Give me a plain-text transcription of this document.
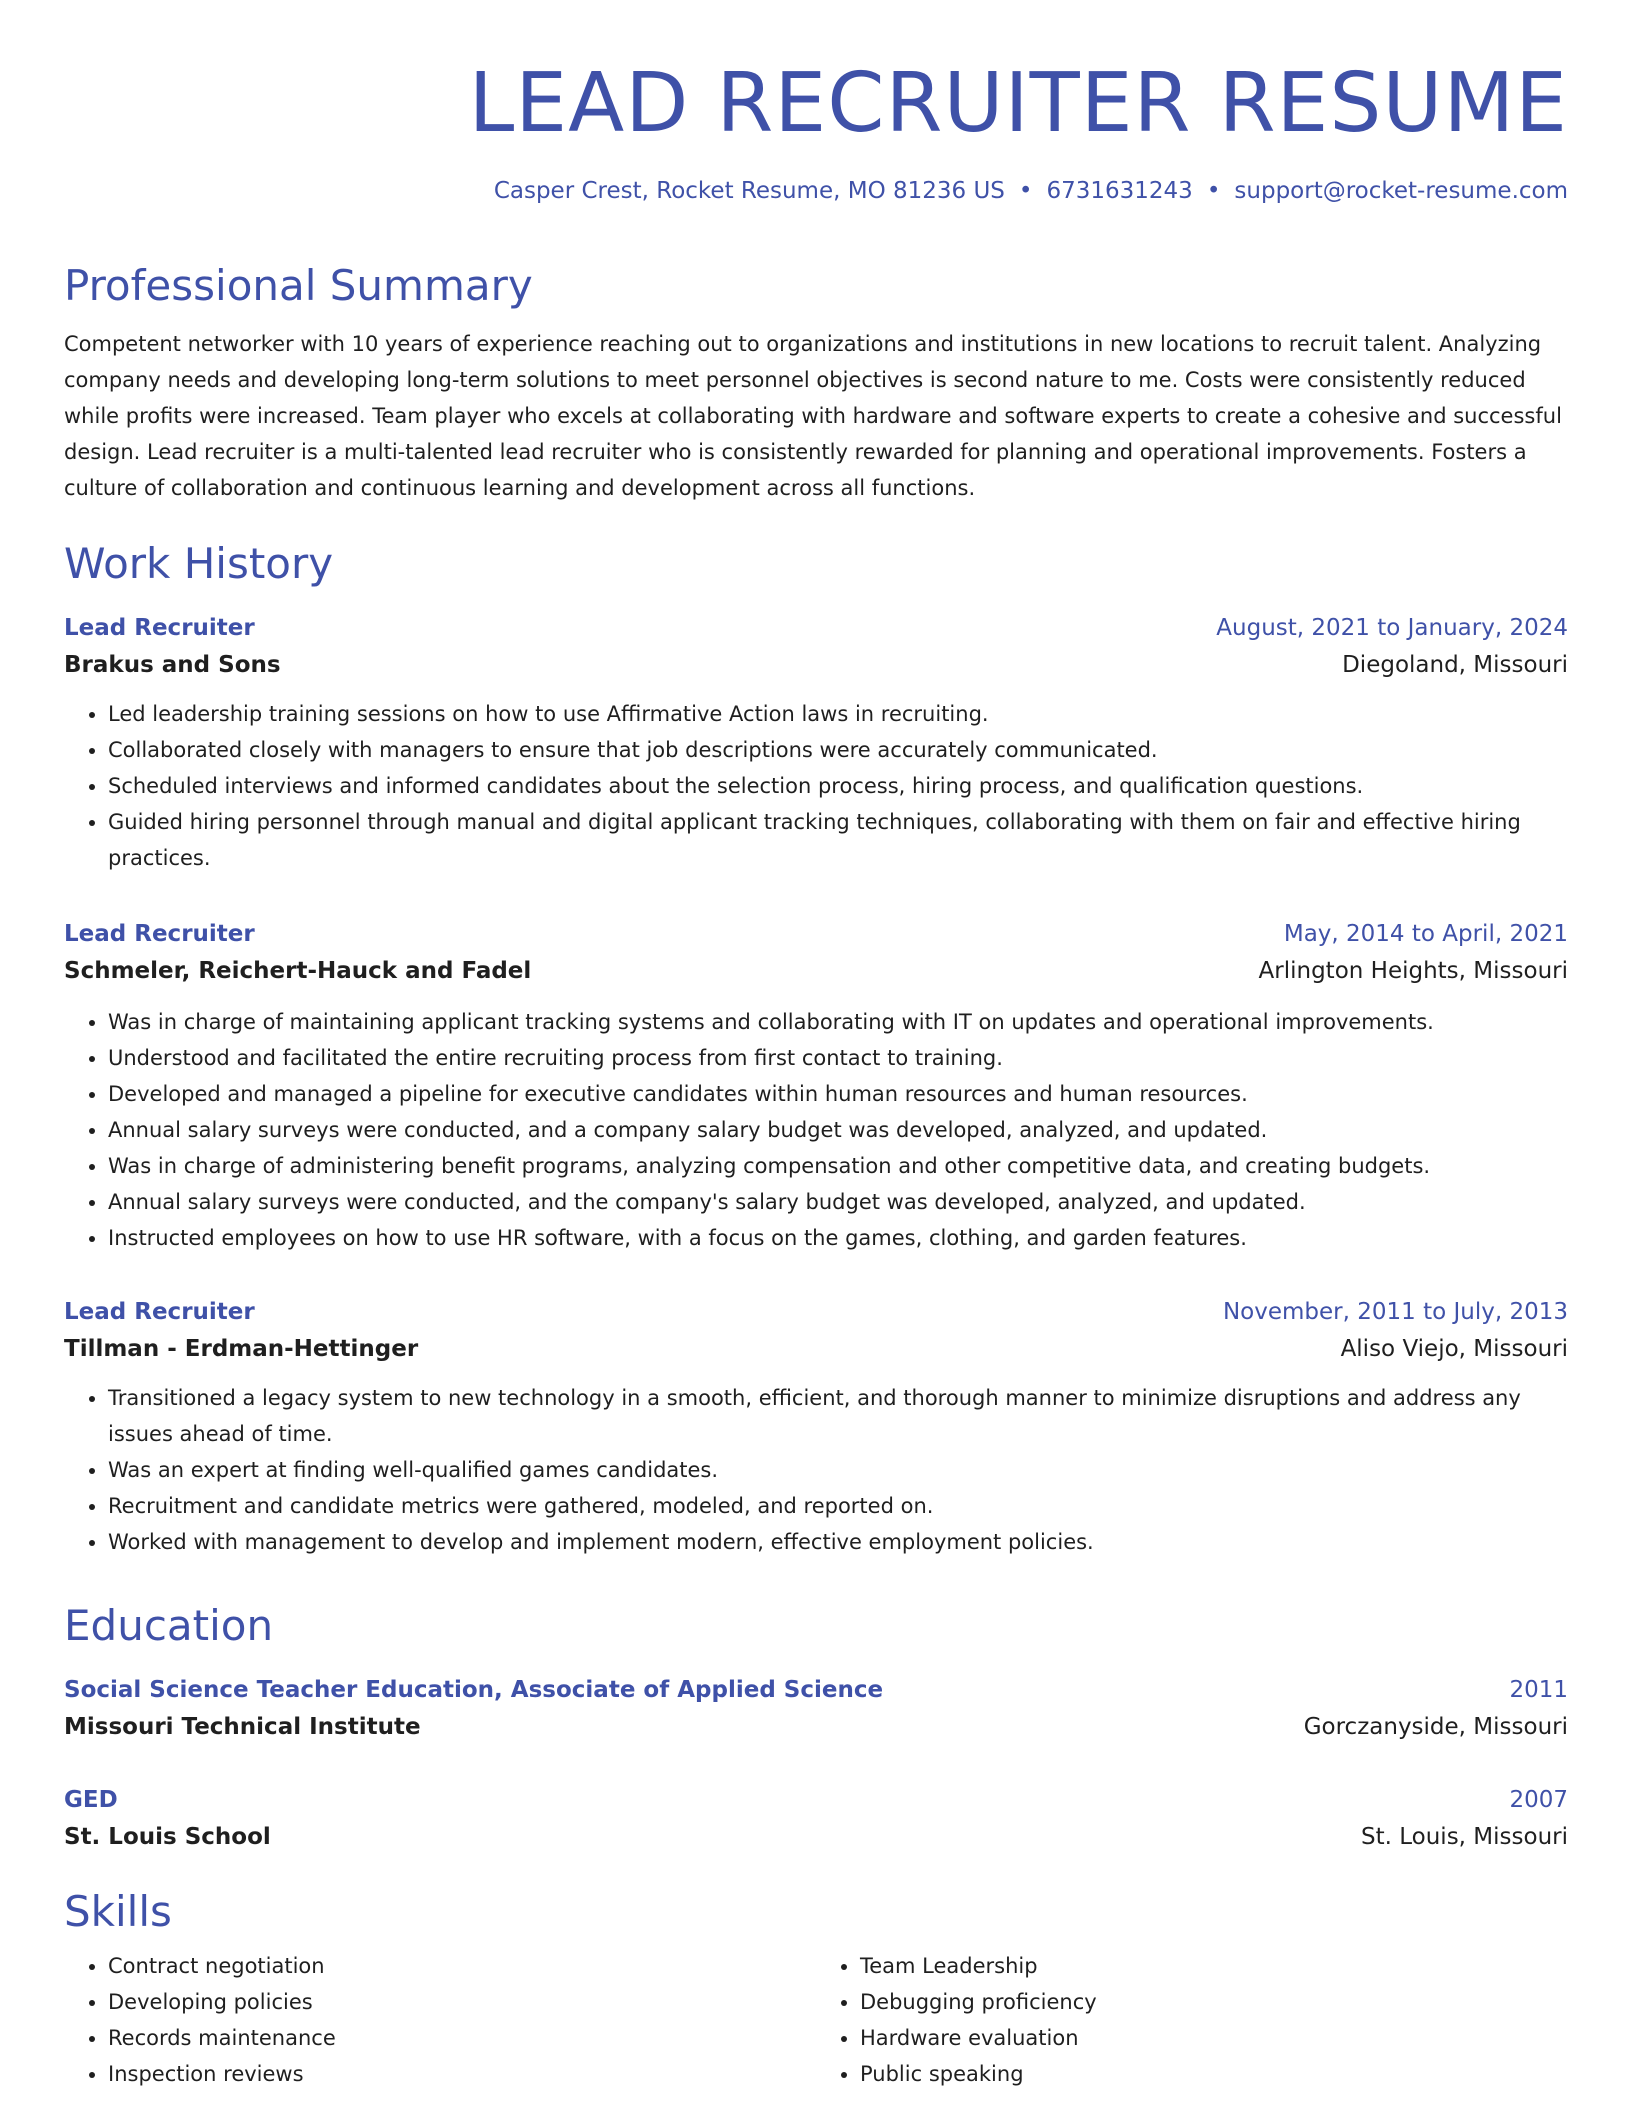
LEAD RECRUITER RESUME
Casper Crest, Rocket Resume, MO 81236 US • 6731631243 • support@rocket-resume.com
Professional Summary

Competent networker with 10 years of experience reaching out to organizations and institutions in new locations to recruit talent. Analyzing company needs and developing long-term solutions to meet personnel objectives is second nature to me. Costs were consistently reduced while profits were increased. Team player who excels at collaborating with hardware and software experts to create a cohesive and successful design. Lead recruiter is a multi-talented lead recruiter who is consistently rewarded for planning and operational improvements. Fosters a culture of collaboration and continuous learning and development across all functions.

Work History
Lead Recruiter	August, 2021 to January, 2024
Brakus and Sons	Diegoland, Missouri
• Led leadership training sessions on how to use Affirmative Action laws in recruiting.
• Collaborated closely with managers to ensure that job descriptions were accurately communicated.
• Scheduled interviews and informed candidates about the selection process, hiring process, and qualification questions.
• Guided hiring personnel through manual and digital applicant tracking techniques, collaborating with them on fair and effective hiring practices.
Lead Recruiter	May, 2014 to April, 2021
Schmeler, Reichert-Hauck and Fadel	Arlington Heights, Missouri
• Was in charge of maintaining applicant tracking systems and collaborating with IT on updates and operational improvements.
• Understood and facilitated the entire recruiting process from first contact to training.
• Developed and managed a pipeline for executive candidates within human resources and human resources.
• Annual salary surveys were conducted, and a company salary budget was developed, analyzed, and updated.
• Was in charge of administering benefit programs, analyzing compensation and other competitive data, and creating budgets.
• Annual salary surveys were conducted, and the company's salary budget was developed, analyzed, and updated.
• Instructed employees on how to use HR software, with a focus on the games, clothing, and garden features.
Lead Recruiter	November, 2011 to July, 2013
Tillman - Erdman-Hettinger	Aliso Viejo, Missouri
• Transitioned a legacy system to new technology in a smooth, efficient, and thorough manner to minimize disruptions and address any issues ahead of time.
• Was an expert at finding well-qualified games candidates.
• Recruitment and candidate metrics were gathered, modeled, and reported on.
• Worked with management to develop and implement modern, effective employment policies.
Education
Social Science Teacher Education, Associate of Applied Science	2011
Missouri Technical Institute	Gorczanyside, Missouri
GED	2007
St. Louis School	St. Louis, Missouri
Skills
• Contract negotiation
• Developing policies
• Records maintenance
• Inspection reviews
• Team Leadership
• Debugging proficiency
• Hardware evaluation
• Public speaking
